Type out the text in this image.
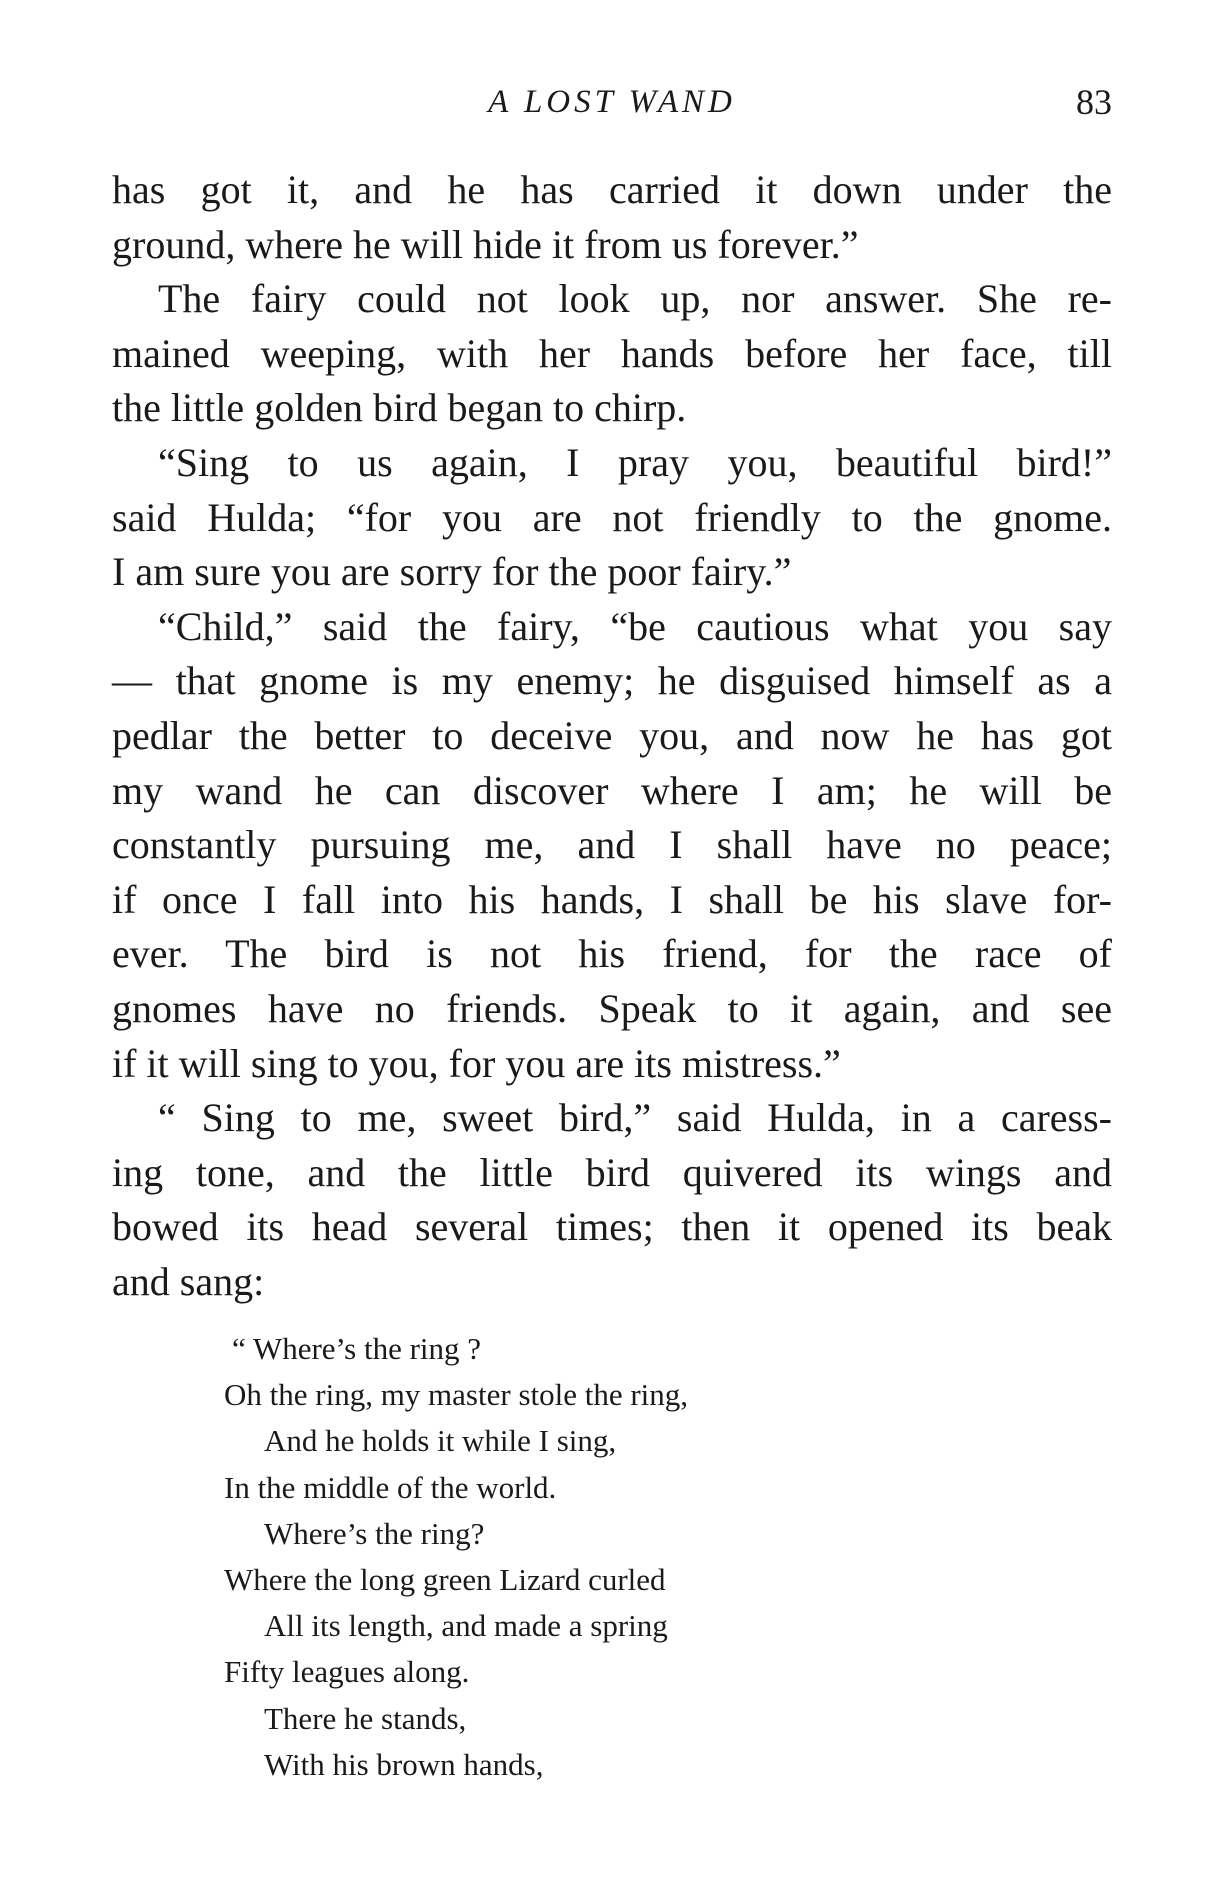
A LOST WAND	83
has got it, and he has carried it down under the
ground, where he will hide it from us forever.”
The fairy could not look up, nor answer. She re-
mained weeping, with her hands before her face, till
the little golden bird began to chirp.
“Sing to us again, I pray you, beautiful bird!”
said Hulda; “for you are not friendly to the gnome.
I am sure you are sorry for the poor fairy.”
“Child,” said the fairy, “be cautious what you say
— that gnome is my enemy; he disguised himself as a
pedlar the better to deceive you, and now he has got
my wand he can discover where I am; he will be
constantly pursuing me, and I shall have no peace;
if once I fall into his hands, I shall be his slave for-
ever. The bird is not his friend, for the race of
gnomes have no friends. Speak to it again, and see
if it will sing to you, for you are its mistress.”
“ Sing to me, sweet bird,” said Hulda, in a caress-
ing tone, and the little bird quivered its wings and
bowed its head several times; then it opened its beak
and sang:
“ Where’s the ring ?
Oh the ring, my master stole the ring,
And he holds it while I sing,
In the middle of the world.
Where’s the ring?
Where the long green Lizard curled
All its length, and made a spring
Fifty leagues along.
There he stands,
With his brown hands,
